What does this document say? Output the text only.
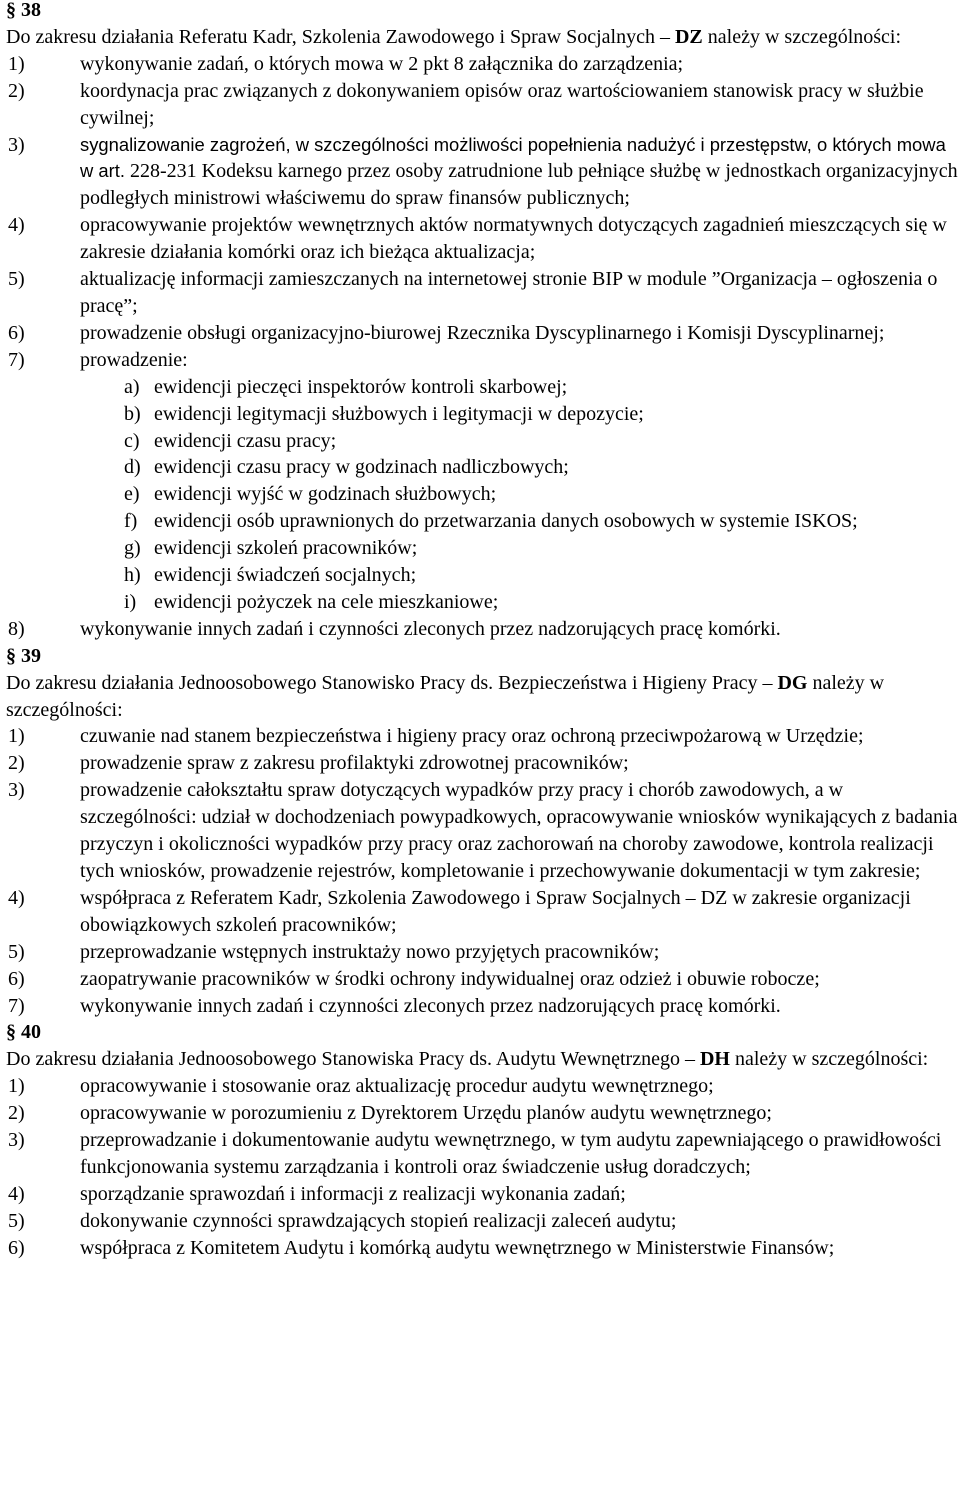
§ 38
Do zakresu działania Referatu Kadr, Szkolenia Zawodowego i Spraw Socjalnych – DZ należy w szczególności:
1)	wykonywanie zadań, o których mowa w 2 pkt 8 załącznika do zarządzenia;
2)	koordynacja prac związanych z dokonywaniem opisów oraz wartościowaniem stanowisk pracy w służbie cywilnej;
3)	sygnalizowanie zagrożeń, w szczególności możliwości popełnienia nadużyć i przestępstw, o których mowa w art. 228-231 Kodeksu karnego przez osoby zatrudnione lub pełniące służbę w jednostkach organizacyjnych podległych ministrowi właściwemu do spraw finansów publicznych;
4)	opracowywanie projektów wewnętrznych aktów normatywnych dotyczących zagadnień mieszczących się w zakresie działania komórki oraz ich bieżąca aktualizacja;
5)	aktualizację informacji zamieszczanych na internetowej stronie BIP w module ”Organizacja – ogłoszenia o pracę”;
6)	prowadzenie obsługi organizacyjno-biurowej Rzecznika Dyscyplinarnego i Komisji Dyscyplinarnej;
7)	prowadzenie:
a) ewidencji pieczęci inspektorów kontroli skarbowej;
b) ewidencji legitymacji służbowych i legitymacji w depozycie;
c) ewidencji czasu pracy;
d) ewidencji czasu pracy w godzinach nadliczbowych;
e) ewidencji wyjść w godzinach służbowych;
f) ewidencji osób uprawnionych do przetwarzania danych osobowych w systemie ISKOS;
g) ewidencji szkoleń pracowników;
h) ewidencji świadczeń socjalnych;
i) ewidencji pożyczek na cele mieszkaniowe;
8)	wykonywanie innych zadań i czynności zleconych przez nadzorujących pracę komórki.
§ 39
Do zakresu działania Jednoosobowego Stanowisko Pracy ds. Bezpieczeństwa i Higieny Pracy – DG należy w szczególności:
1)	czuwanie nad stanem bezpieczeństwa i higieny pracy oraz ochroną przeciwpożarową w Urzędzie;
2)	prowadzenie spraw z zakresu profilaktyki zdrowotnej pracowników;
3)	prowadzenie całokształtu spraw dotyczących wypadków przy pracy i chorób zawodowych, a w szczególności: udział w dochodzeniach powypadkowych, opracowywanie wniosków wynikających z badania przyczyn i okoliczności wypadków przy pracy oraz zachorowań na choroby zawodowe, kontrola realizacji tych wniosków, prowadzenie rejestrów, kompletowanie i przechowywanie dokumentacji w tym zakresie;
4)	współpraca z Referatem Kadr, Szkolenia Zawodowego i Spraw Socjalnych – DZ w zakresie organizacji obowiązkowych szkoleń pracowników;
5)	przeprowadzanie wstępnych instruktaży nowo przyjętych pracowników;
6)	zaopatrywanie pracowników w środki ochrony indywidualnej oraz odzież i obuwie robocze;
7)	wykonywanie innych zadań i czynności zleconych przez nadzorujących pracę komórki.
§ 40
Do zakresu działania Jednoosobowego Stanowiska Pracy ds. Audytu Wewnętrznego – DH należy w szczególności:
1)	opracowywanie i stosowanie oraz aktualizację procedur audytu wewnętrznego;
2)	opracowywanie w porozumieniu z Dyrektorem Urzędu planów audytu wewnętrznego;
3)	przeprowadzanie i dokumentowanie audytu wewnętrznego, w tym audytu zapewniającego o prawidłowości funkcjonowania systemu zarządzania i kontroli oraz świadczenie usług doradczych;
4)	sporządzanie sprawozdań i informacji z realizacji wykonania zadań;
5)	dokonywanie czynności sprawdzających stopień realizacji zaleceń audytu;
6)	współpraca z Komitetem Audytu i komórką audytu wewnętrznego w Ministerstwie Finansów;
